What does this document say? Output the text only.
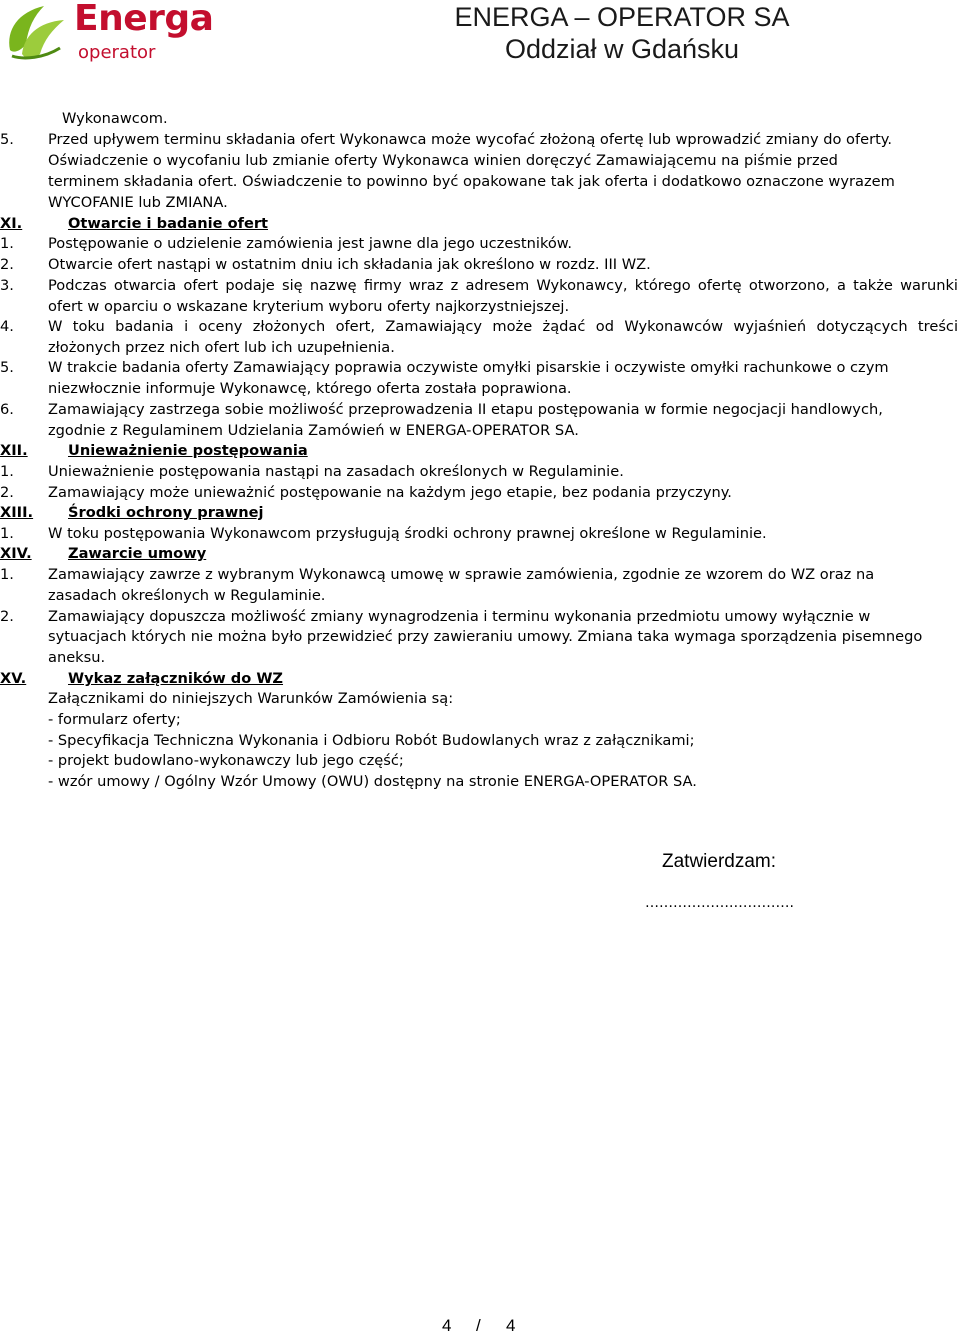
Energa
operator
ENERGA – OPERATOR SA
Oddział w Gdańsku
Wykonawcom.
5. Przed upływem terminu składania ofert Wykonawca może wycofać złożoną ofertę lub wprowadzić zmiany do oferty.
Oświadczenie o wycofaniu lub zmianie oferty Wykonawca winien doręczyć Zamawiającemu na piśmie przed
terminem składania ofert. Oświadczenie to powinno być opakowane tak jak oferta i dodatkowo oznaczone wyrazem
WYCOFANIE lub ZMIANA.
XI.	Otwarcie i badanie ofert
1. Postępowanie o udzielenie zamówienia jest jawne dla jego uczestników.
2. Otwarcie ofert nastąpi w ostatnim dniu ich składania jak określono w rozdz. III WZ.
3. Podczas otwarcia ofert podaje się nazwę firmy wraz z adresem Wykonawcy, którego ofertę otworzono, a także warunki
ofert w oparciu o wskazane kryterium wyboru oferty najkorzystniejszej.
4. W toku badania i oceny złożonych ofert, Zamawiający może żądać od Wykonawców wyjaśnień dotyczących treści
złożonych przez nich ofert lub ich uzupełnienia.
5. W trakcie badania oferty Zamawiający poprawia oczywiste omyłki pisarskie i oczywiste omyłki rachunkowe o czym
niezwłocznie informuje Wykonawcę, którego oferta została poprawiona.
6. Zamawiający zastrzega sobie możliwość przeprowadzenia II etapu postępowania w formie negocjacji handlowych,
zgodnie z Regulaminem Udzielania Zamówień w ENERGA-OPERATOR SA.
XII.	Unieważnienie postępowania
1. Unieważnienie postępowania nastąpi na zasadach określonych w Regulaminie.
2. Zamawiający może unieważnić postępowanie na każdym jego etapie, bez podania przyczyny.
XIII. Środki ochrony prawnej
1. W toku postępowania Wykonawcom przysługują środki ochrony prawnej określone w Regulaminie.
XIV. Zawarcie umowy
1. Zamawiający zawrze z wybranym Wykonawcą umowę w sprawie zamówienia, zgodnie ze wzorem do WZ oraz na
zasadach określonych w Regulaminie.
2. Zamawiający dopuszcza możliwość zmiany wynagrodzenia i terminu wykonania przedmiotu umowy wyłącznie w
sytuacjach których nie można było przewidzieć przy zawieraniu umowy. Zmiana taka wymaga sporządzenia pisemnego
aneksu.
XV.	Wykaz załączników do WZ
Załącznikami do niniejszych Warunków Zamówienia są:
- formularz oferty;
- Specyfikacja Techniczna Wykonania i Odbioru Robót Budowlanych wraz z załącznikami;
- projekt budowlano-wykonawczy lub jego część;
- wzór umowy / Ogólny Wzór Umowy (OWU) dostępny na stronie ENERGA-OPERATOR SA.
Zatwierdzam:
……………….………….
4 / 4
